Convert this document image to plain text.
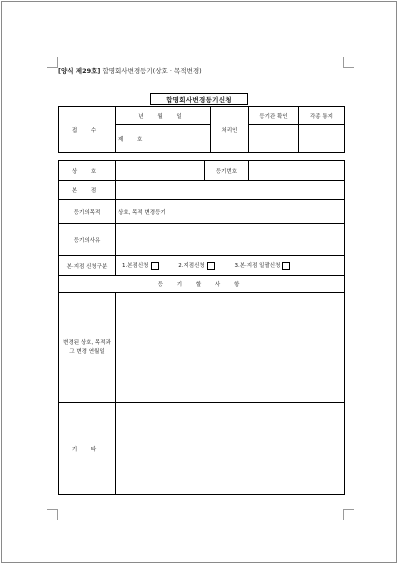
[양식 제29호] 합명회사변경등기(상호 · 목적변경)
합명회사변경등기신청
접 수	년 월 일	처리인	등기관 확인	각종 통지
	제 호			
상 호		등기번호	
본 점			
등기의목적	상호, 목적 변경등기		
등기의사유			
본·지점 신청구분	1.본점신청 2.지점신청 3.본·지점 일괄신청		
등 기 할 사 항			
변경된 상호, 목적과 그 변경 연월일			
기 타			
